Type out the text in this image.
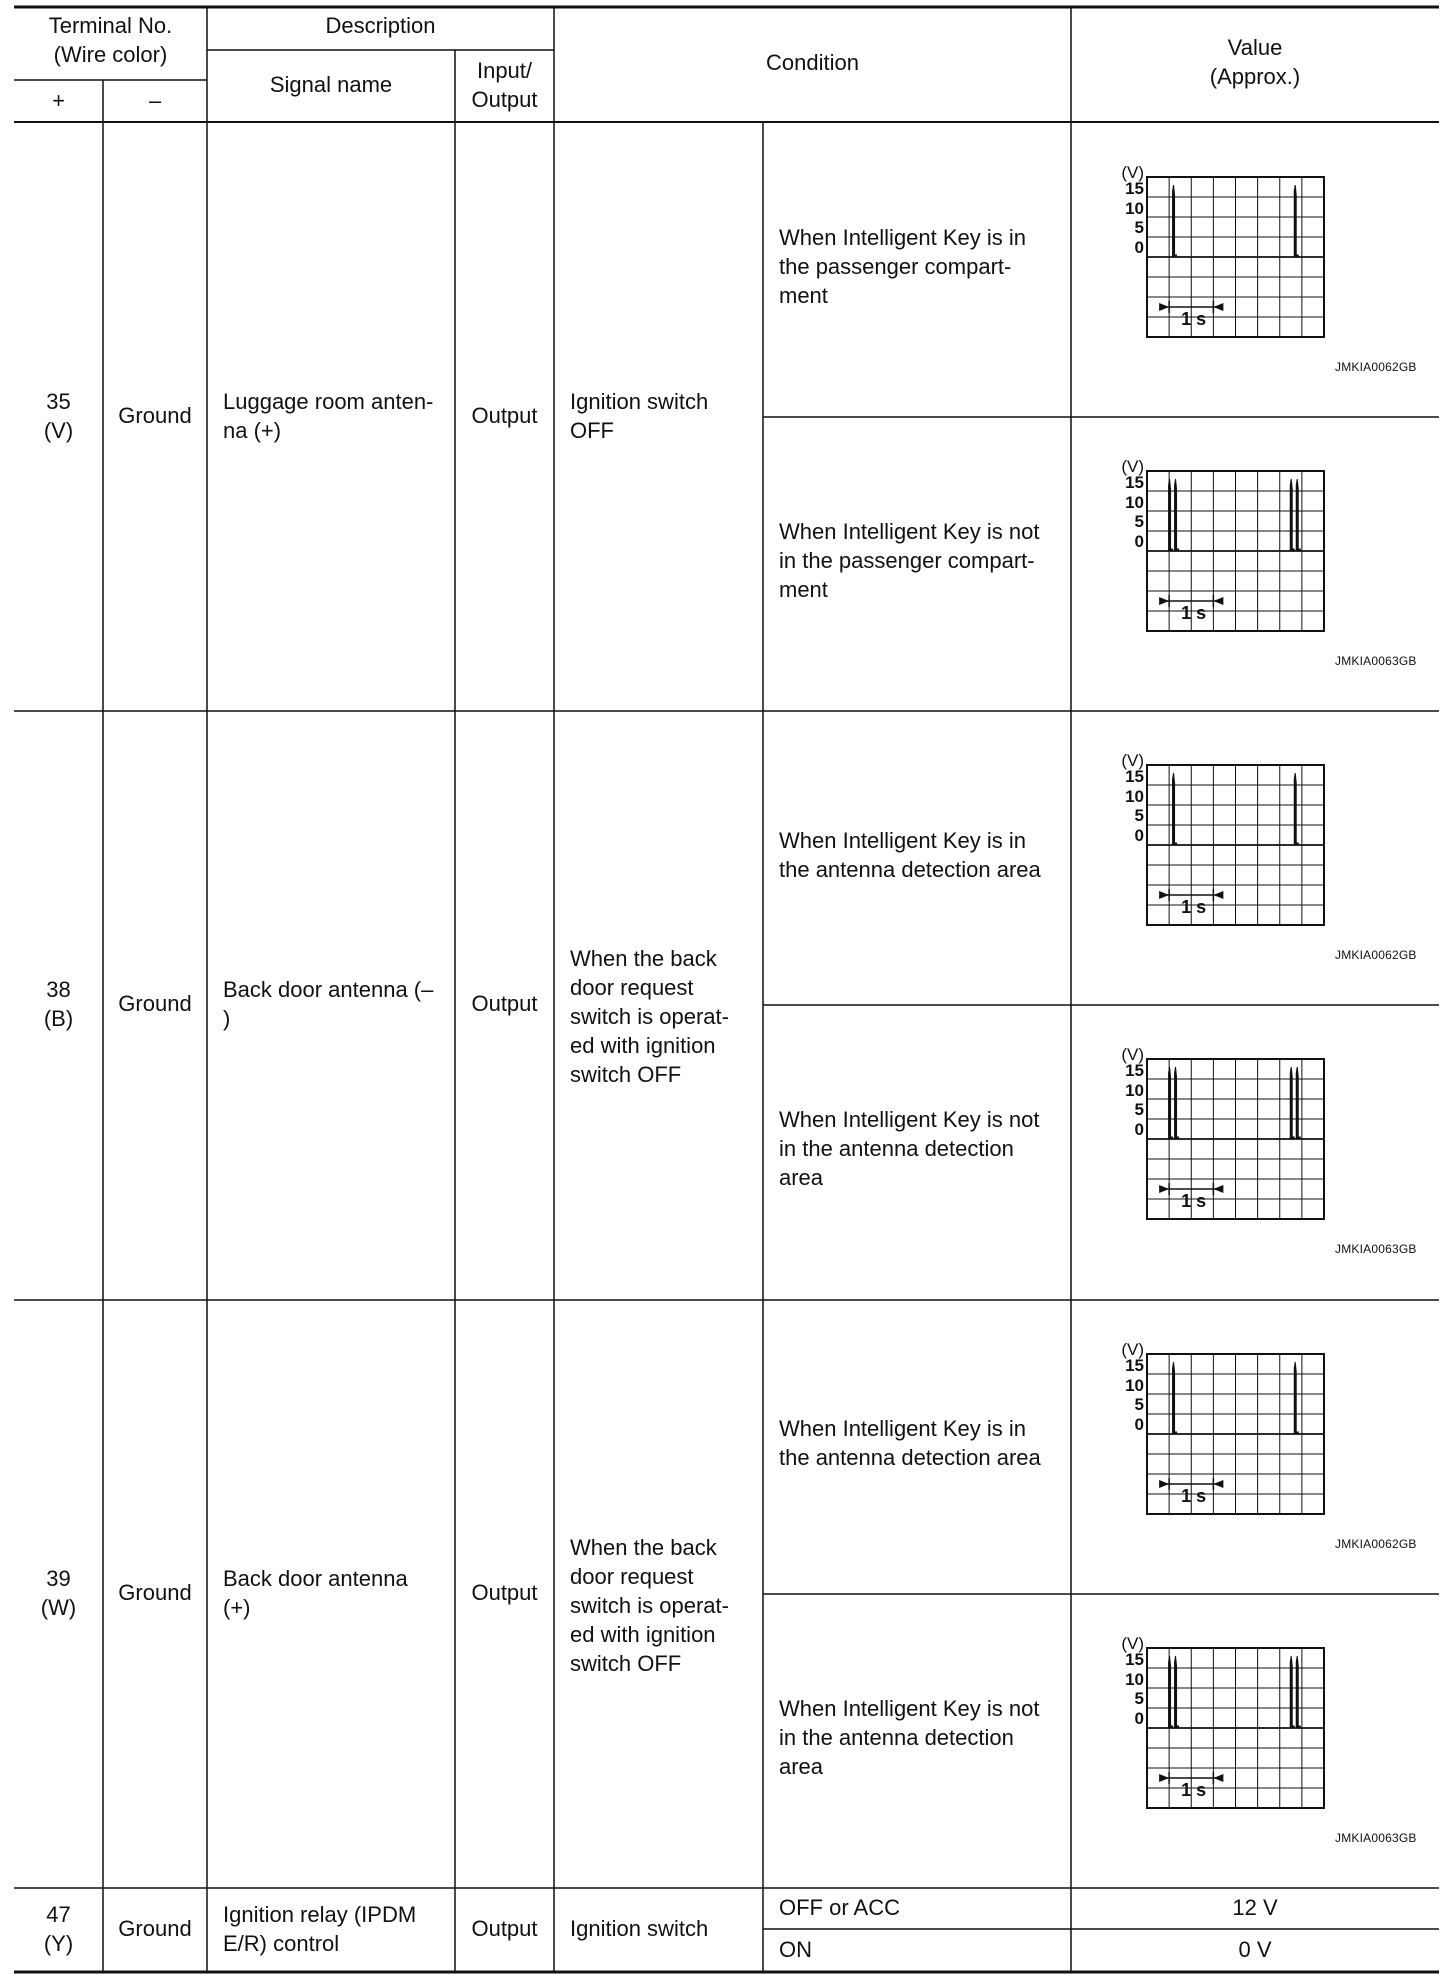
Terminal No.
(Wire color)
+	–
Description
Signal name
Input/
Output
Condition
Value
(Approx.)
35
(V)
Ground
Luggage room anten-
na (+)
Output
Ignition switch
OFF
When Intelligent Key is in
the passenger compart-
ment
When Intelligent Key is not
in the passenger compart-
ment
(V)
15
10
5
0
1 s
(V)
15
10
5
0
1 s
JMKIA0062GB
JMKIA0063GB
38
(B)
Ground
Back door antenna (–
)
Output
When the back
door request
switch is operat-
ed with ignition
switch OFF
When Intelligent Key is in
the antenna detection area
When Intelligent Key is not
in the antenna detection
area
(V)
15
10
5
0
1 s
(V)
15
10
5
0
1 s
JMKIA0062GB
JMKIA0063GB
39
(W)
Ground
Back door antenna
(+)
Output
When the back
door request
switch is operat-
ed with ignition
switch OFF
When Intelligent Key is in
the antenna detection area
When Intelligent Key is not
in the antenna detection
area
(V)
15
10
5
0
1 s
(V)
15
10
5
0
1 s
JMKIA0062GB
JMKIA0063GB
47
(Y)
Ground
Ignition relay (IPDM
E/R) control
Output	Ignition switch
OFF or ACC
ON
12 V
0 V
